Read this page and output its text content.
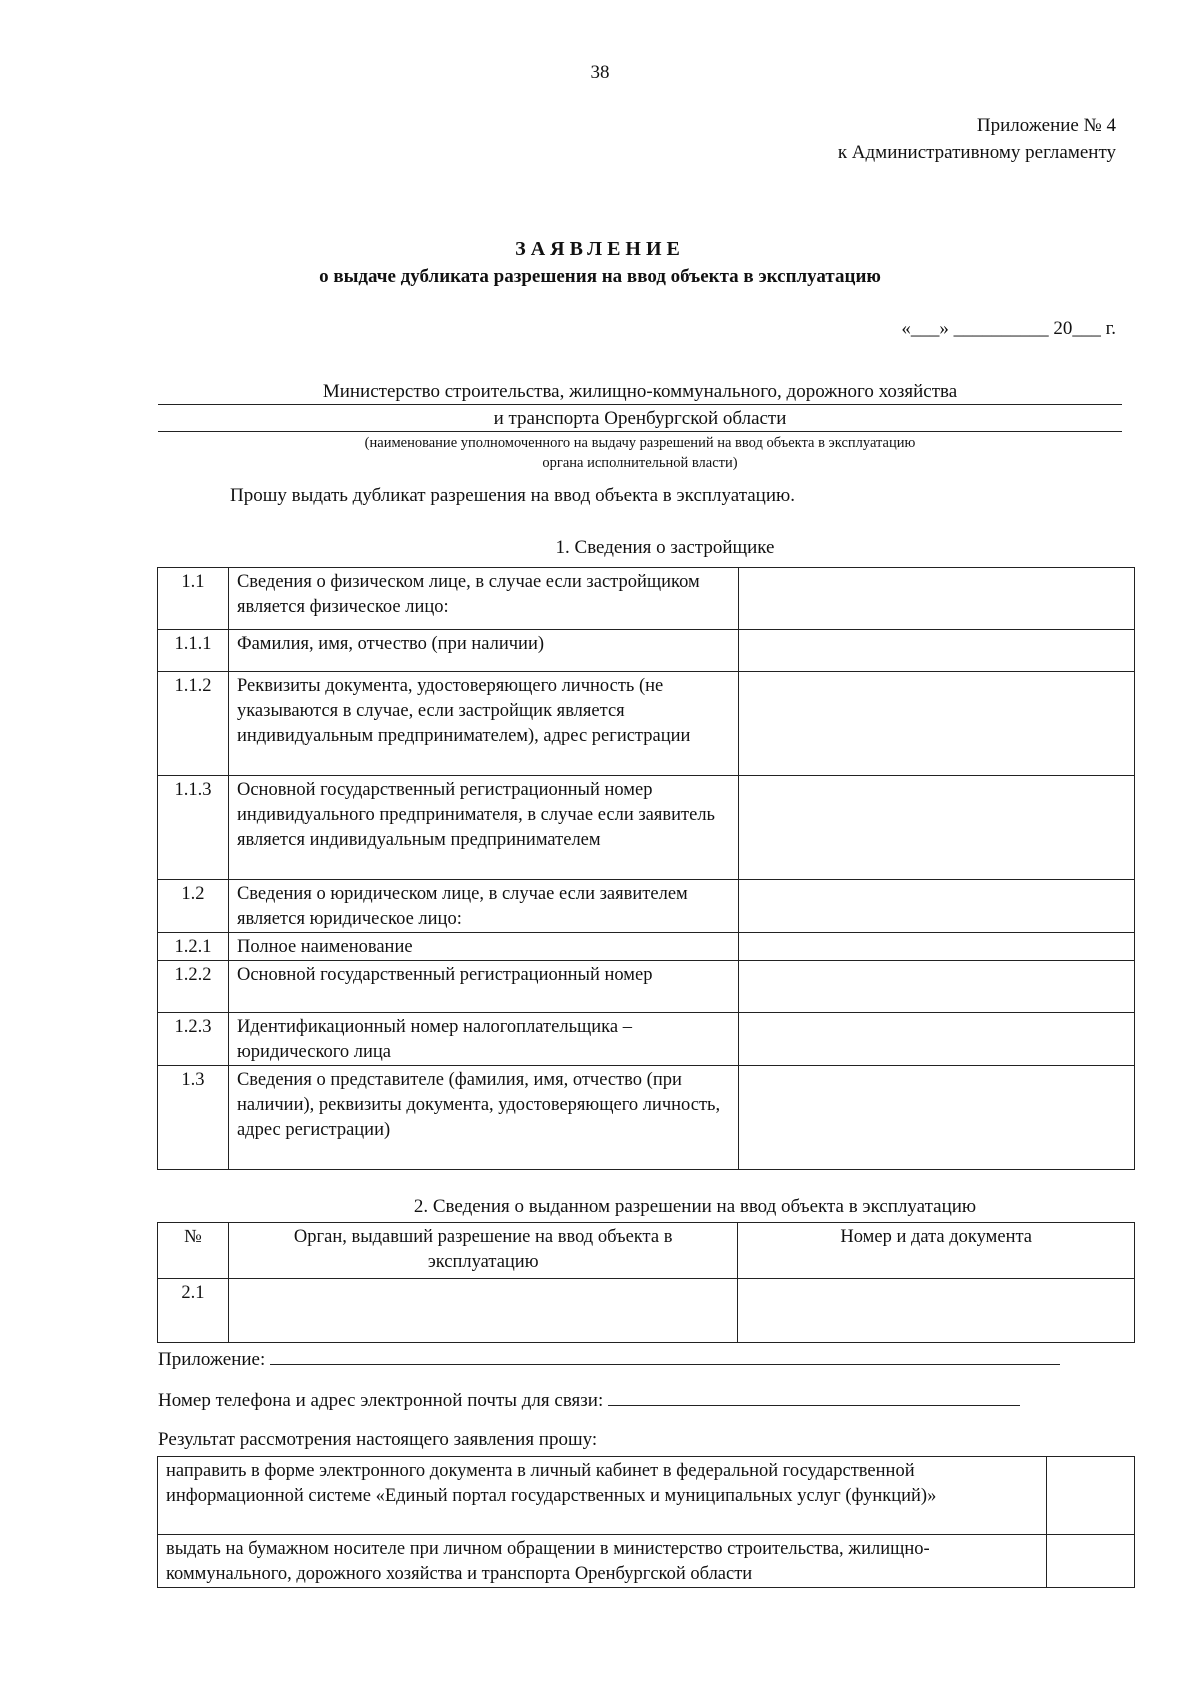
38
Приложение № 4
к Административному регламенту
ЗАЯВЛЕНИЕ
о выдаче дубликата разрешения на ввод объекта в эксплуатацию
«___» __________ 20___ г.
Министерство строительства, жилищно-коммунального, дорожного хозяйства
и транспорта Оренбургской области
(наименование уполномоченного на выдачу разрешений на ввод объекта в эксплуатацию
органа исполнительной власти)
Прошу выдать дубликат разрешения на ввод объекта в эксплуатацию.
1. Сведения о застройщике
1.1	Сведения о физическом лице, в случае если застройщиком является физическое лицо:	
1.1.1	Фамилия, имя, отчество (при наличии)	
1.1.2	Реквизиты документа, удостоверяющего личность (не указываются в случае, если застройщик является индивидуальным предпринимателем), адрес регистрации	
1.1.3	Основной государственный регистрационный номер индивидуального предпринимателя, в случае если заявитель является индивидуальным предпринимателем	
1.2	Сведения о юридическом лице, в случае если заявителем является юридическое лицо:	
1.2.1	Полное наименование	
1.2.2	Основной государственный регистрационный номер	
1.2.3	Идентификационный номер налогоплательщика – юридического лица	
1.3	Сведения о представителе (фамилия, имя, отчество (при наличии), реквизиты документа, удостоверяющего личность, адрес регистрации)	
2. Сведения о выданном разрешении на ввод объекта в эксплуатацию
№	Орган, выдавший разрешение на ввод объекта в эксплуатацию	Номер и дата документа
2.1		
Приложение:
Номер телефона и адрес электронной почты для связи:
Результат рассмотрения настоящего заявления прошу:
направить в форме электронного документа в личный кабинет в федеральной государственной информационной системе «Единый портал государственных и муниципальных услуг (функций)»	
выдать на бумажном носителе при личном обращении в министерство строительства, жилищно-коммунального, дорожного хозяйства и транспорта Оренбургской области	
